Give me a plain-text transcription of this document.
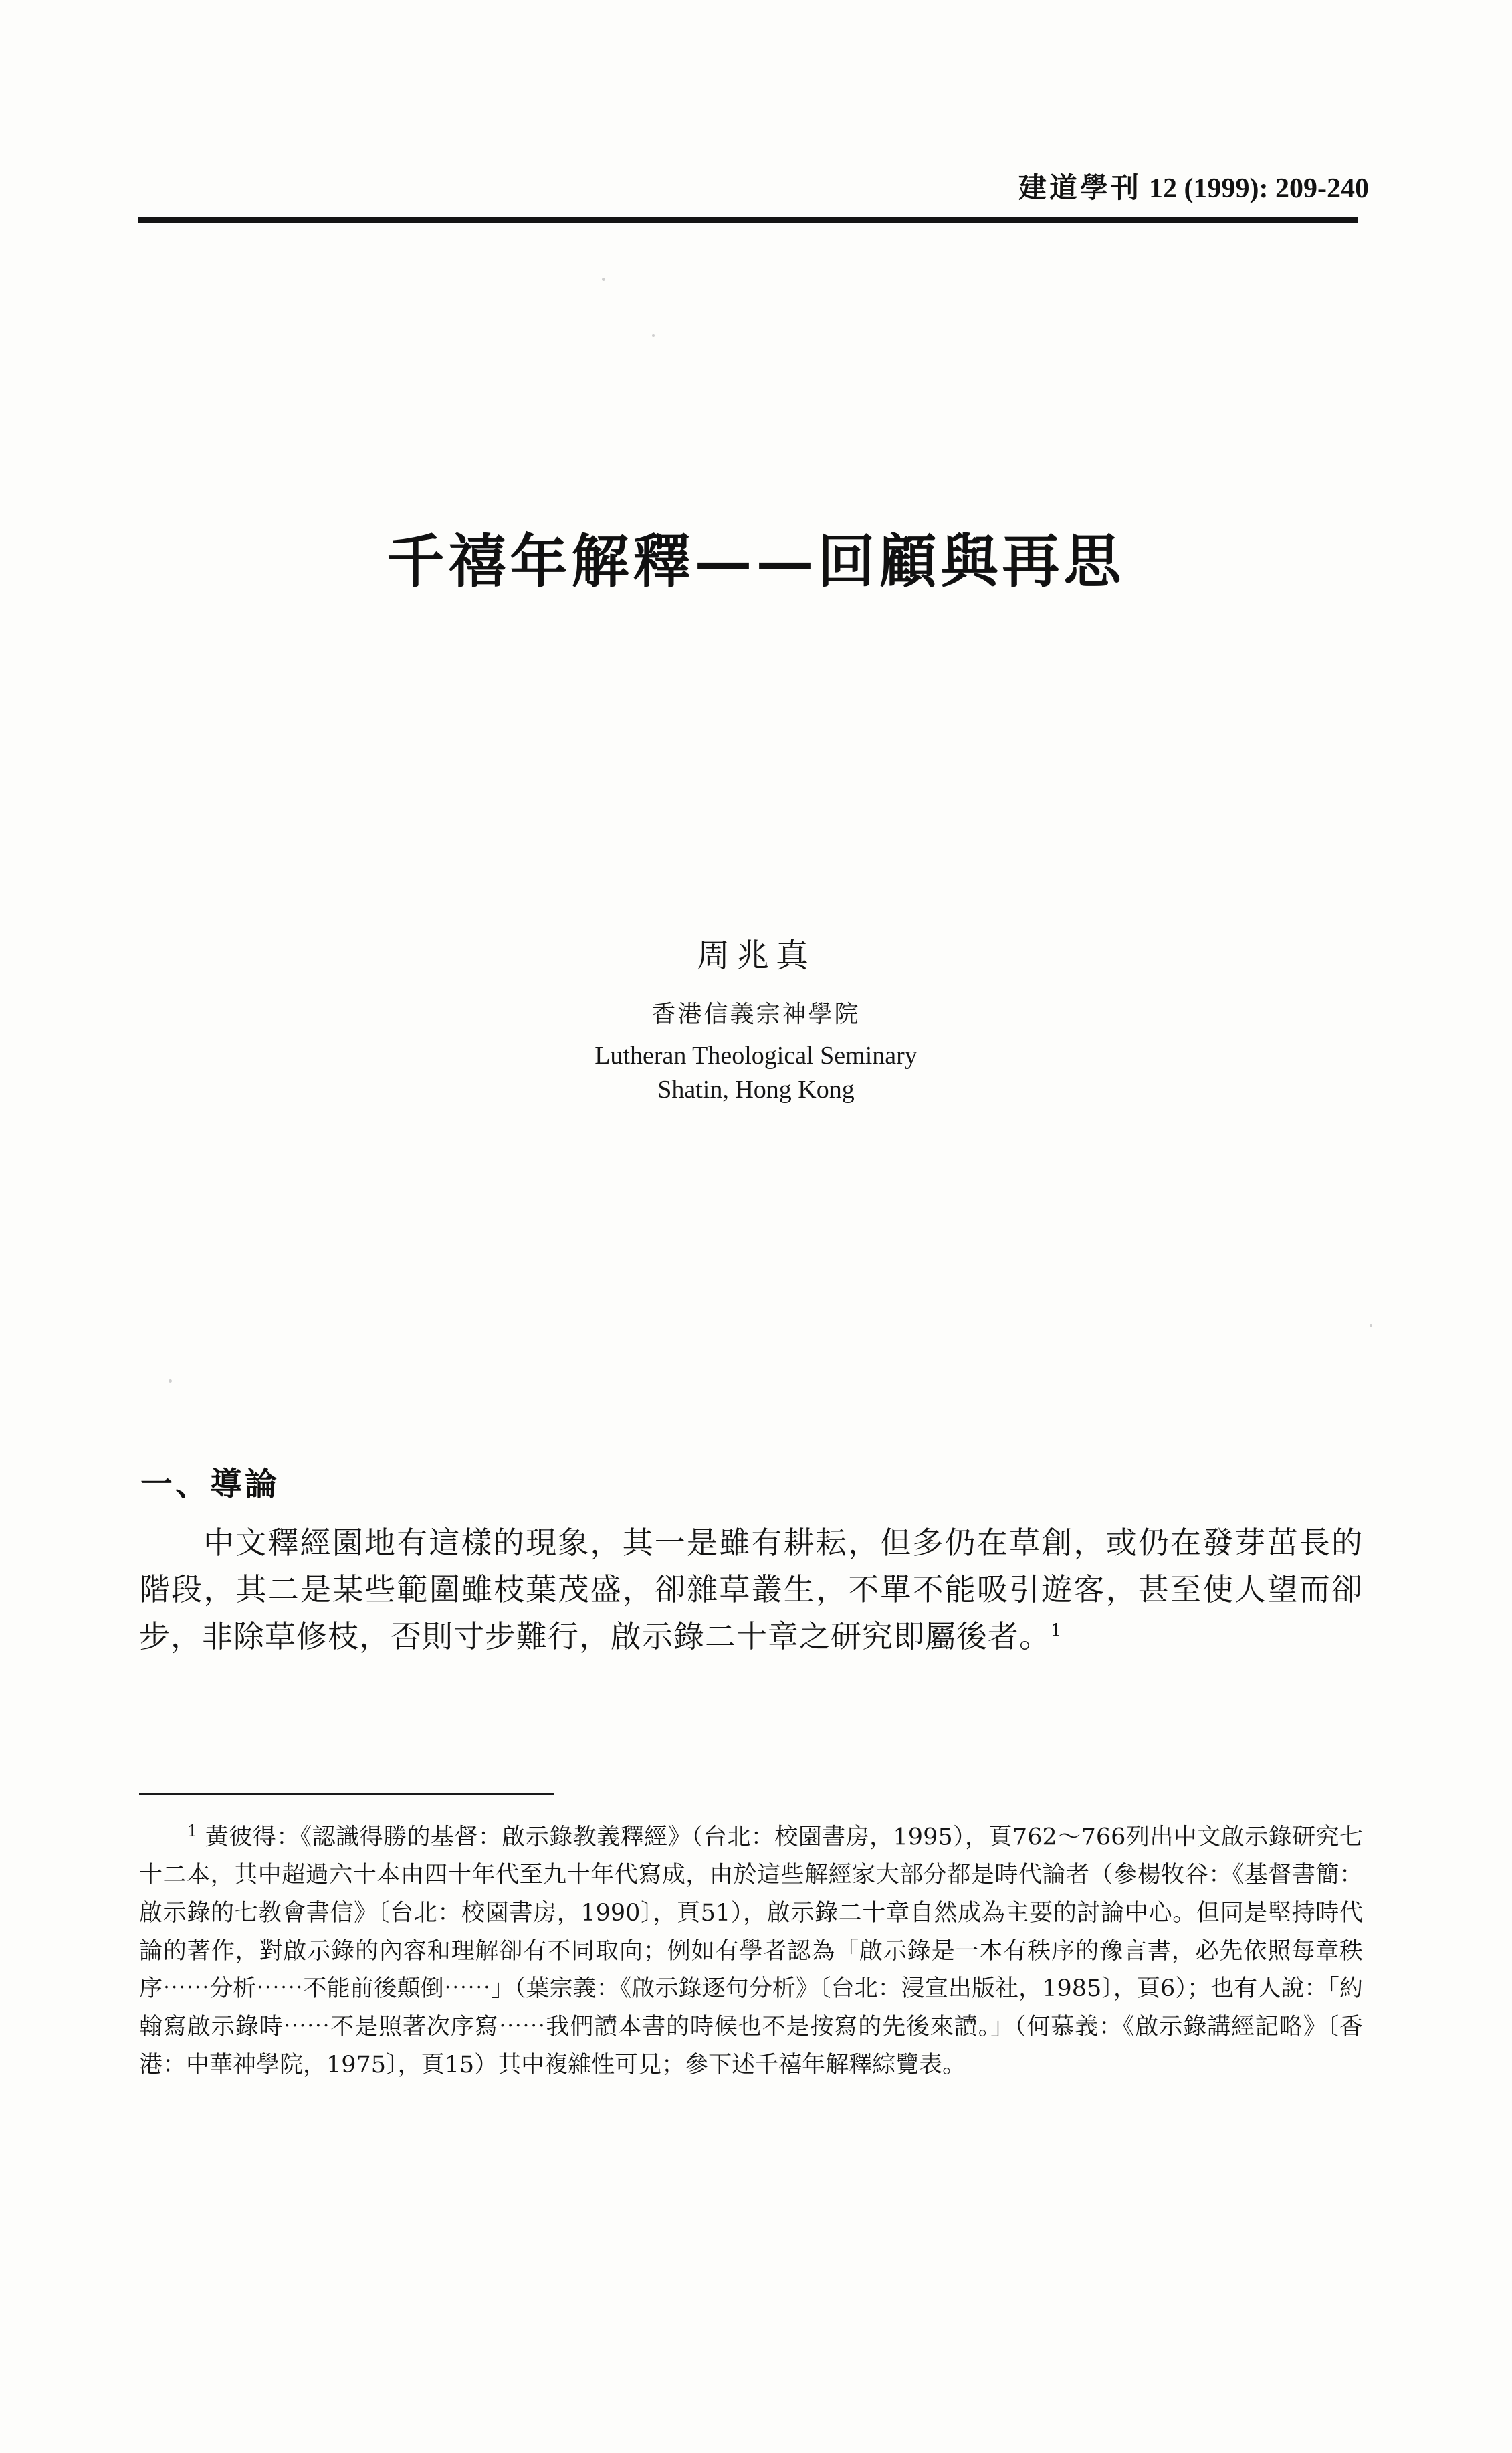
建道學刊 12 (1999): 209-240
千禧年解釋——回顧與再思
周兆真
香港信義宗神學院
Lutheran Theological Seminary
Shatin, Hong Kong
一、導論
中文釋經園地有這樣的現象，其一是雖有耕耘，但多仍在草創，或仍在發芽茁長的階段，其二是某些範圍雖枝葉茂盛，卻雜草叢生，不單不能吸引遊客，甚至使人望而卻步，非除草修枝，否則寸步難行，啟示錄二十章之研究即屬後者。$^1$
$^1$ 黃彼得：《認識得勝的基督：啟示錄教義釋經》（台北：校園書房，1995），頁762～766列出中文啟示錄研究七十二本，其中超過六十本由四十年代至九十年代寫成，由於這些解經家大部分都是時代論者（參楊牧谷：《基督書簡：啟示錄的七教會書信》〔台北：校園書房，1990〕，頁51），啟示錄二十章自然成為主要的討論中心。但同是堅持時代論的著作，對啟示錄的內容和理解卻有不同取向；例如有學者認為「啟示錄是一本有秩序的豫言書，必先依照每章秩序⋯⋯分析⋯⋯不能前後顛倒⋯⋯」（葉宗義：《啟示錄逐句分析》〔台北：浸宣出版社，1985〕，頁6）；也有人說：「約翰寫啟示錄時⋯⋯不是照著次序寫⋯⋯我們讀本書的時候也不是按寫的先後來讀。」（何慕義：《啟示錄講經記略》〔香港：中華神學院，1975〕，頁15）其中複雜性可見；參下述千禧年解釋綜覽表。
